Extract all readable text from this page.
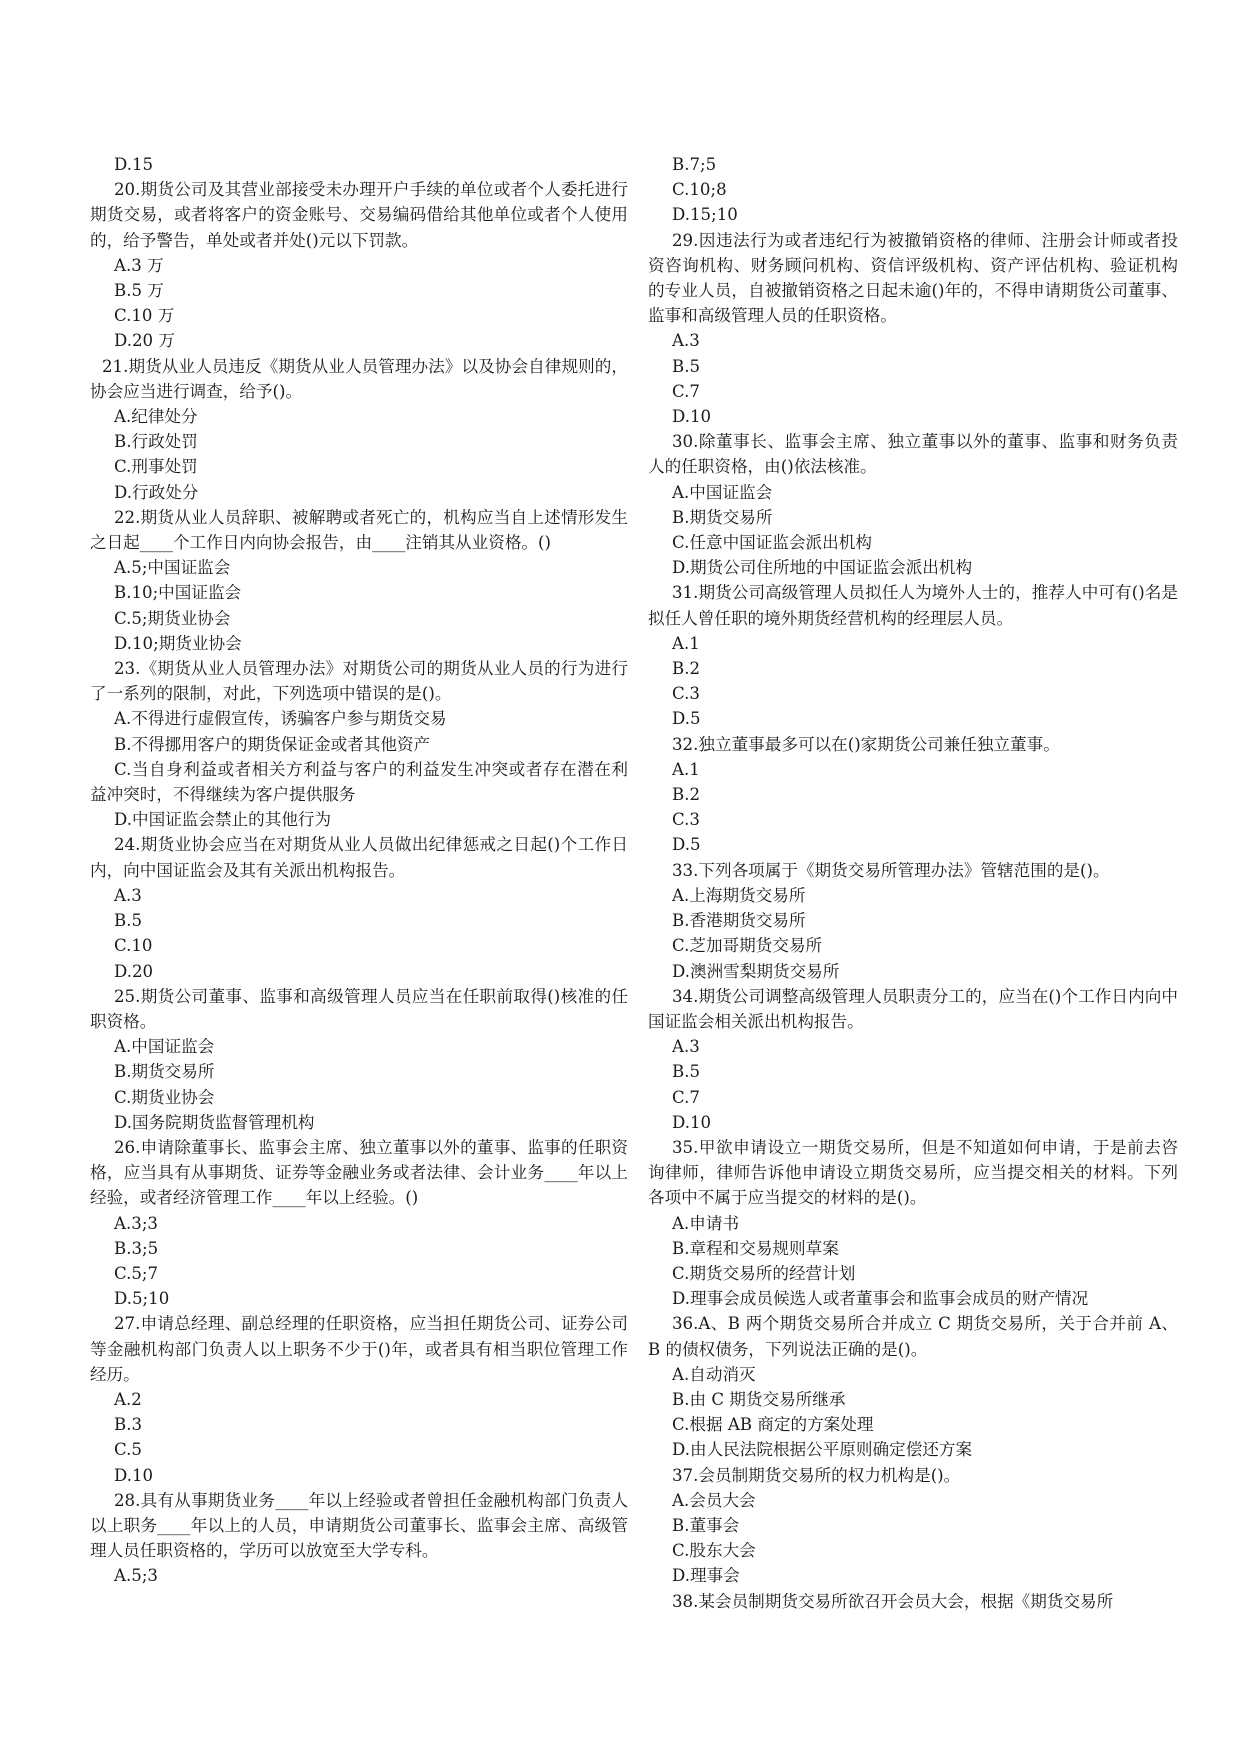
D.15
20.期货公司及其营业部接受未办理开户手续的单位或者个人委托进行期货交易，或者将客户的资金账号、交易编码借给其他单位或者个人使用的，给予警告，单处或者并处()元以下罚款。
A.3 万
B.5 万
C.10 万
D.20 万
21.期货从业人员违反《期货从业人员管理办法》以及协会自律规则的，协会应当进行调查，给予()。
A.纪律处分
B.行政处罚
C.刑事处罚
D.行政处分
22.期货从业人员辞职、被解聘或者死亡的，机构应当自上述情形发生之日起____个工作日内向协会报告，由____注销其从业资格。()
A.5;中国证监会
B.10;中国证监会
C.5;期货业协会
D.10;期货业协会
23.《期货从业人员管理办法》对期货公司的期货从业人员的行为进行了一系列的限制，对此，下列选项中错误的是()。
A.不得进行虚假宣传，诱骗客户参与期货交易
B.不得挪用客户的期货保证金或者其他资产
C.当自身利益或者相关方利益与客户的利益发生冲突或者存在潜在利益冲突时，不得继续为客户提供服务
D.中国证监会禁止的其他行为
24.期货业协会应当在对期货从业人员做出纪律惩戒之日起()个工作日内，向中国证监会及其有关派出机构报告。
A.3
B.5
C.10
D.20
25.期货公司董事、监事和高级管理人员应当在任职前取得()核准的任职资格。
A.中国证监会
B.期货交易所
C.期货业协会
D.国务院期货监督管理机构
26.申请除董事长、监事会主席、独立董事以外的董事、监事的任职资格，应当具有从事期货、证券等金融业务或者法律、会计业务____年以上经验，或者经济管理工作____年以上经验。()
A.3;3
B.3;5
C.5;7
D.5;10
27.申请总经理、副总经理的任职资格，应当担任期货公司、证券公司等金融机构部门负责人以上职务不少于()年，或者具有相当职位管理工作经历。
A.2
B.3
C.5
D.10
28.具有从事期货业务____年以上经验或者曾担任金融机构部门负责人以上职务____年以上的人员，申请期货公司董事长、监事会主席、高级管理人员任职资格的，学历可以放宽至大学专科。
A.5;3
B.7;5
C.10;8
D.15;10
29.因违法行为或者违纪行为被撤销资格的律师、注册会计师或者投资咨询机构、财务顾问机构、资信评级机构、资产评估机构、验证机构的专业人员，自被撤销资格之日起未逾()年的，不得申请期货公司董事、监事和高级管理人员的任职资格。
A.3
B.5
C.7
D.10
30.除董事长、监事会主席、独立董事以外的董事、监事和财务负责人的任职资格，由()依法核准。
A.中国证监会
B.期货交易所
C.任意中国证监会派出机构
D.期货公司住所地的中国证监会派出机构
31.期货公司高级管理人员拟任人为境外人士的，推荐人中可有()名是拟任人曾任职的境外期货经营机构的经理层人员。
A.1
B.2
C.3
D.5
32.独立董事最多可以在()家期货公司兼任独立董事。
A.1
B.2
C.3
D.5
33.下列各项属于《期货交易所管理办法》管辖范围的是()。
A.上海期货交易所
B.香港期货交易所
C.芝加哥期货交易所
D.澳洲雪梨期货交易所
34.期货公司调整高级管理人员职责分工的，应当在()个工作日内向中国证监会相关派出机构报告。
A.3
B.5
C.7
D.10
35.甲欲申请设立一期货交易所，但是不知道如何申请，于是前去咨询律师，律师告诉他申请设立期货交易所，应当提交相关的材料。下列各项中不属于应当提交的材料的是()。
A.申请书
B.章程和交易规则草案
C.期货交易所的经营计划
D.理事会成员候选人或者董事会和监事会成员的财产情况
36.A、B 两个期货交易所合并成立 C 期货交易所，关于合并前 A、B 的债权债务，下列说法正确的是()。
A.自动消灭
B.由 C 期货交易所继承
C.根据 AB 商定的方案处理
D.由人民法院根据公平原则确定偿还方案
37.会员制期货交易所的权力机构是()。
A.会员大会
B.董事会
C.股东大会
D.理事会
38.某会员制期货交易所欲召开会员大会，根据《期货交易所
